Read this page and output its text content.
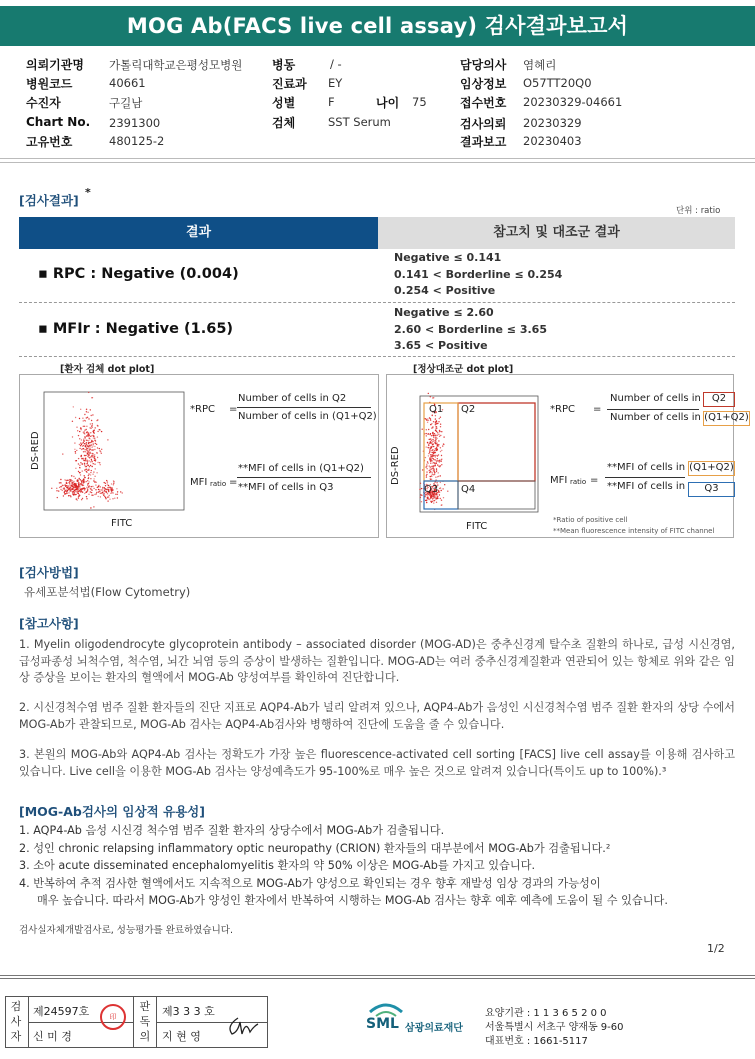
MOG Ab(FACS live cell assay) 검사결과보고서
의뢰기관명 가톨릭대학교은평성모병원
병원코드	40661
수진자	구길남
Chart No. 2391300
고유번호	480125-2
병동	/ -
진료과 EY
성별	F	나이 75
검체	SST Serum
담당의사 염혜리
임상정보 O57TT20Q0
접수번호 20230329-04661
검사의뢰 20230329
결과보고 20230403
[검사결과]
*
단위 : ratio
결과	참고치 및 대조군 결과
▪ RPC : Negative (0.004)
Negative ≤ 0.141
0.141 < Borderline ≤ 0.254
0.254 < Positive
▪ MFIr : Negative (1.65)
Negative ≤ 2.60
2.60 < Borderline ≤ 3.65
3.65 < Positive
[환자 검체 dot plot]	[정상대조군 dot plot]
DS-RED
FITC
*RPC =
Number of cells in Q2
Number of cells in (Q1+Q2)
MFI ratio =
**MFI of cells in (Q1+Q2)
**MFI of cells in Q3
Q1 Q2
Q3 Q4
DS-RED
FITC
*RPC =
Number of cells in	Q2
Number of cells in (Q1+Q2)
MFI ratio =
**MFI of cells in (Q1+Q2)
**MFI of cells in	Q3
*Ratio of positive cell
**Mean fluorescence intensity of FITC channel
[검사방법]
유세포분석법(Flow Cytometry)
[참고사항]
1. Myelin oligodendrocyte glycoprotein antibody – associated disorder (MOG-AD)은 중추신경계 탈수초 질환의 하나로, 급성 시신경염,급성파종성 뇌척수염, 척수염, 뇌간 뇌염 등의 증상이 발생하는 질환입니다. MOG-AD는 여러 중추신경계질환과 연관되어 있는 항체로 위와 같은 임상 증상을 보이는 환자의 혈액에서 MOG-Ab 양성여부를 확인하여 진단합니다.
2. 시신경척수염 범주 질환 환자들의 진단 지표로 AQP4-Ab가 널리 알려져 있으나, AQP4-Ab가 음성인 시신경척수염 범주 질환 환자의 상당 수에서 MOG-Ab가 관찰되므로, MOG-Ab 검사는 AQP4-Ab검사와 병행하여 진단에 도움을 줄 수 있습니다.
3. 본원의 MOG-Ab와 AQP4-Ab 검사는 정확도가 가장 높은 fluorescence-activated cell sorting [FACS] live cell assay를 이용해 검사하고 있습니다. Live cell을 이용한 MOG-Ab 검사는 양성예측도가 95-100%로 매우 높은 것으로 알려져 있습니다(특이도 up to 100%).³
[MOG-Ab검사의 임상적 유용성]
1. AQP4-Ab 음성 시신경 척수염 범주 질환 환자의 상당수에서 MOG-Ab가 검출됩니다.
2. 성인 chronic relapsing inflammatory optic neuropathy (CRION) 환자들의 대부분에서 MOG-Ab가 검출됩니다.²
3. 소아 acute disseminated encephalomyelitis 환자의 약 50% 이상은 MOG-Ab를 가지고 있습니다.
4. 반복하여 추적 검사한 혈액에서도 지속적으로 MOG-Ab가 양성으로 확인되는 경우 향후 재발성 임상 경과의 가능성이
매우 높습니다. 따라서 MOG-Ab가 양성인 환자에서 반복하여 시행하는 MOG-Ab 검사는 향후 예후 예측에 도움이 될 수 있습니다.
검사실자체개발검사로, 성능평가를 완료하였습니다.
1/2
검사자
제24597호
신 미 경
印
판독의
제3 3 3 호
지 현 영
SML 삼광의료재단
요양기관 : 1 1 3 6 5 2 0 0
서울특별시 서초구 양재동 9-60
대표번호 : 1661-5117
